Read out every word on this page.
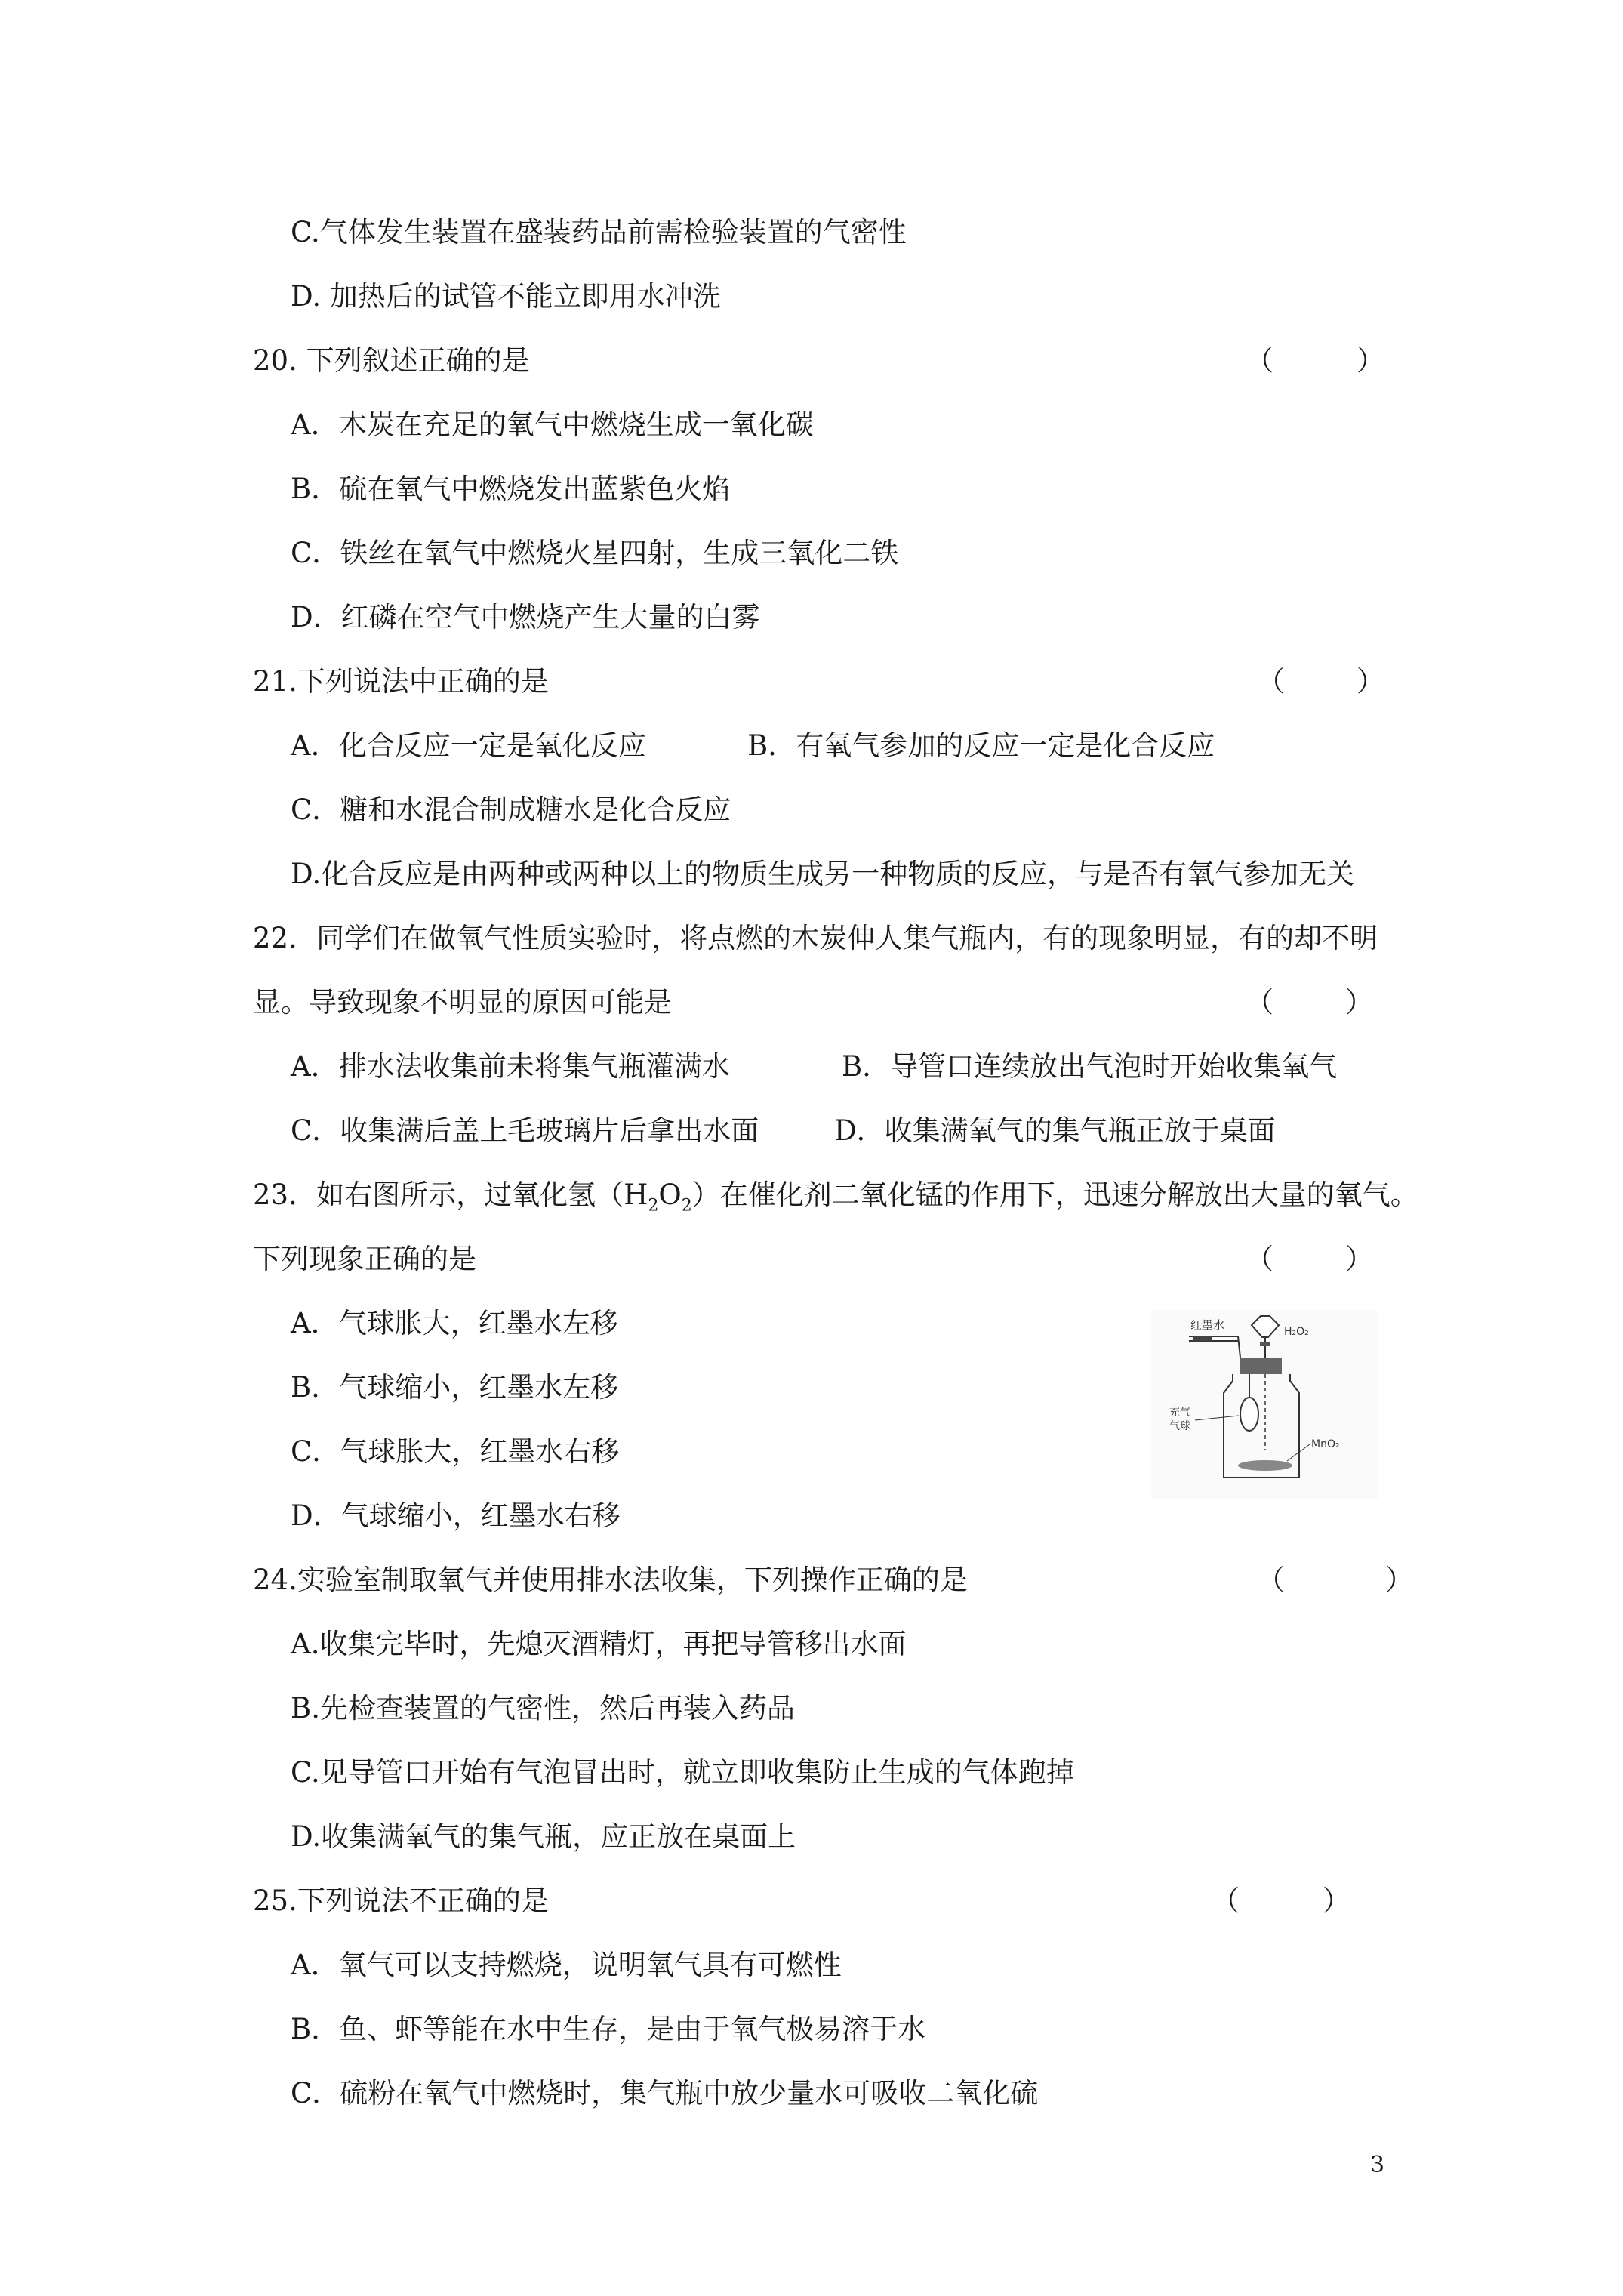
C.气体发生装置在盛装药品前需检验装置的气密性
D. 加热后的试管不能立即用水冲洗
20. 下列叙述正确的是	（	）
A．木炭在充足的氧气中燃烧生成一氧化碳
B．硫在氧气中燃烧发出蓝紫色火焰
C．铁丝在氧气中燃烧火星四射，生成三氧化二铁
D．红磷在空气中燃烧产生大量的白雾
21.下列说法中正确的是	（	）
A．化合反应一定是氧化反应	B．有氧气参加的反应一定是化合反应
C．糖和水混合制成糖水是化合反应
D.化合反应是由两种或两种以上的物质生成另一种物质的反应，与是否有氧气参加无关
22．同学们在做氧气性质实验时，将点燃的木炭伸人集气瓶内，有的现象明显，有的却不明
显。导致现象不明显的原因可能是	（	）
A．排水法收集前未将集气瓶灌满水	B．导管口连续放出气泡时开始收集氧气
C．收集满后盖上毛玻璃片后拿出水面	D．收集满氧气的集气瓶正放于桌面
23．如右图所示，过氧化氢$(H_2O_2)$在催化剂二氧化锰的作用下，迅速分解放出大量的氧气。
下列现象正确的是	（	）
A．气球胀大，红墨水左移
B．气球缩小，红墨水左移
C．气球胀大，红墨水右移
D．气球缩小，红墨水右移
红墨水	H₂O₂
充气
气球
MnO₂
24.实验室制取氧气并使用排水法收集，下列操作正确的是	（	）
A.收集完毕时，先熄灭酒精灯，再把导管移出水面
B.先检查装置的气密性，然后再装入药品
C.见导管口开始有气泡冒出时，就立即收集防止生成的气体跑掉
D.收集满氧气的集气瓶，应正放在桌面上
25.下列说法不正确的是	（	）
A．氧气可以支持燃烧，说明氧气具有可燃性
B．鱼、虾等能在水中生存，是由于氧气极易溶于水
C．硫粉在氧气中燃烧时，集气瓶中放少量水可吸收二氧化硫
3
